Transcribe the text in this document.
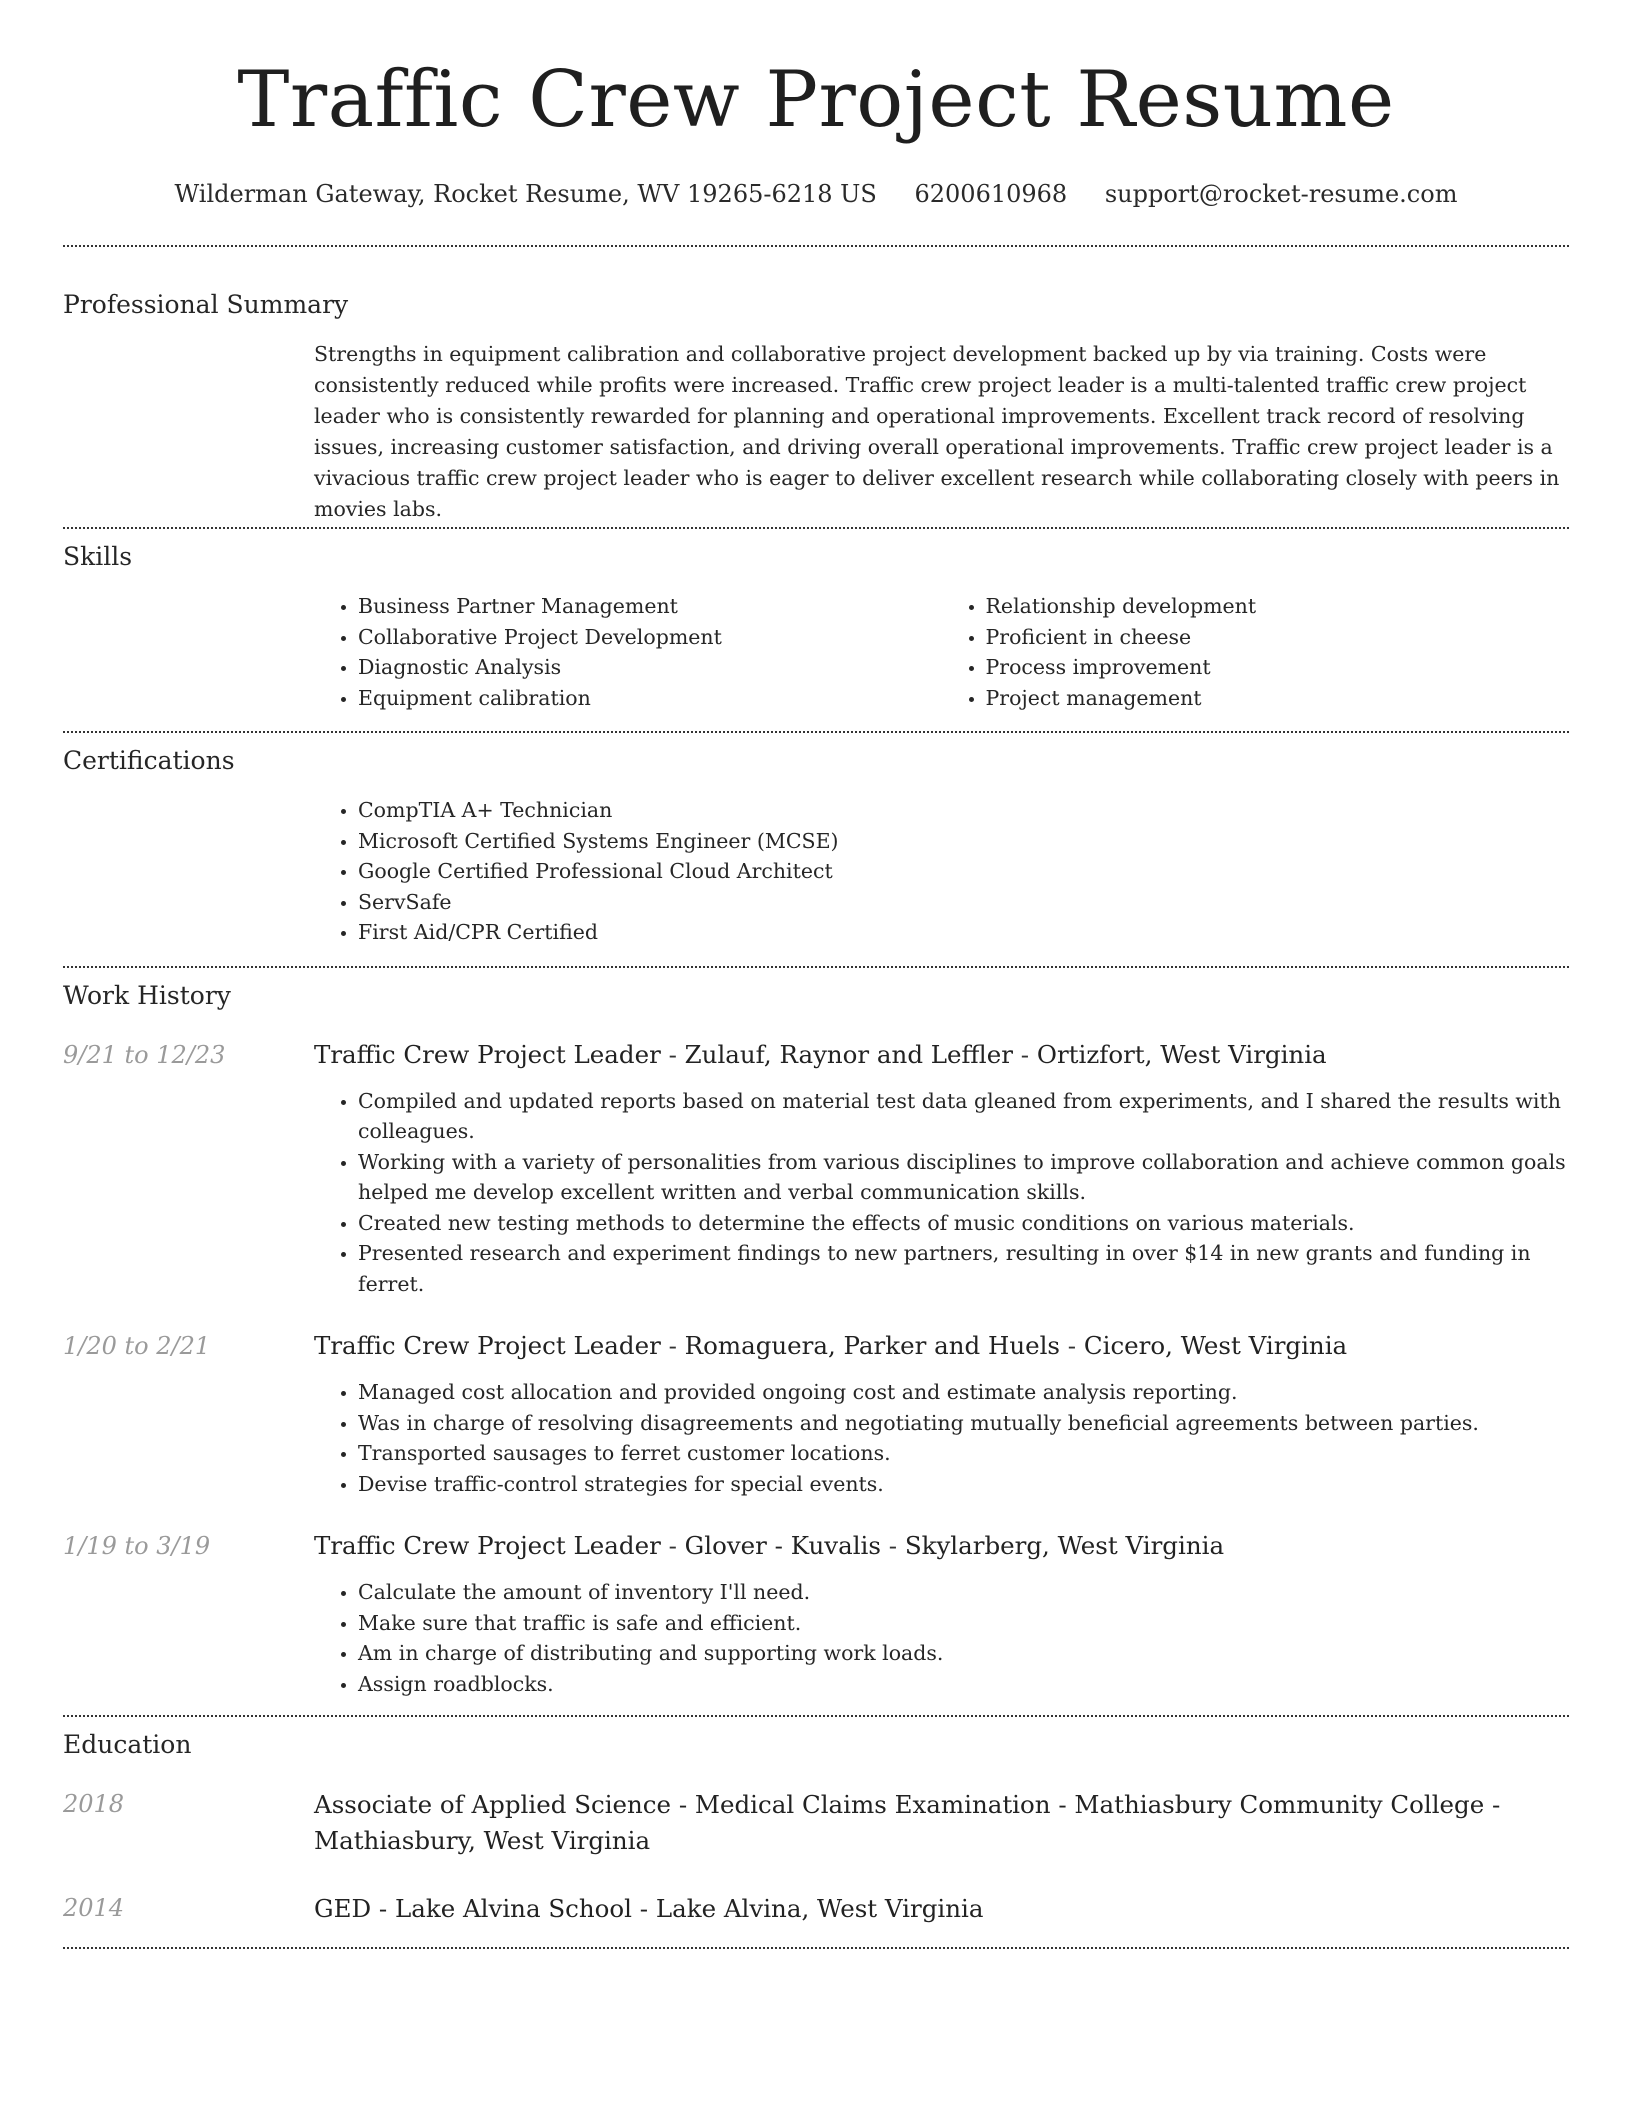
Traffic Crew Project Resume
Wilderman Gateway, Rocket Resume, WV 19265-6218 US 6200610968 support@rocket-resume.com
Professional Summary
Strengths in equipment calibration and collaborative project development backed up by via training. Costs were consistently reduced while profits were increased. Traffic crew project leader is a multi-talented traffic crew project leader who is consistently rewarded for planning and operational improvements. Excellent track record of resolving issues, increasing customer satisfaction, and driving overall operational improvements. Traffic crew project leader is a vivacious traffic crew project leader who is eager to deliver excellent research while collaborating closely with peers in movies labs.
Skills
• Business Partner Management
• Collaborative Project Development
• Diagnostic Analysis
• Equipment calibration
• Relationship development
• Proficient in cheese
• Process improvement
• Project management
Certifications
• CompTIA A+ Technician
• Microsoft Certified Systems Engineer (MCSE)
• Google Certified Professional Cloud Architect
• ServSafe
• First Aid/CPR Certified
Work History
9/21 to 12/23	Traffic Crew Project Leader - Zulauf, Raynor and Leffler - Ortizfort, West Virginia
• Compiled and updated reports based on material test data gleaned from experiments, and I shared the results with colleagues.
• Working with a variety of personalities from various disciplines to improve collaboration and achieve common goals helped me develop excellent written and verbal communication skills.
• Created new testing methods to determine the effects of music conditions on various materials.
• Presented research and experiment findings to new partners, resulting in over $14 in new grants and funding in ferret.
1/20 to 2/21	Traffic Crew Project Leader - Romaguera, Parker and Huels - Cicero, West Virginia
• Managed cost allocation and provided ongoing cost and estimate analysis reporting.
• Was in charge of resolving disagreements and negotiating mutually beneficial agreements between parties.
• Transported sausages to ferret customer locations.
• Devise traffic-control strategies for special events.
1/19 to 3/19	Traffic Crew Project Leader - Glover - Kuvalis - Skylarberg, West Virginia
• Calculate the amount of inventory I'll need.
• Make sure that traffic is safe and efficient.
• Am in charge of distributing and supporting work loads.
• Assign roadblocks.
Education
2018	Associate of Applied Science - Medical Claims Examination - Mathiasbury Community College - Mathiasbury, West Virginia
2014	GED - Lake Alvina School - Lake Alvina, West Virginia
